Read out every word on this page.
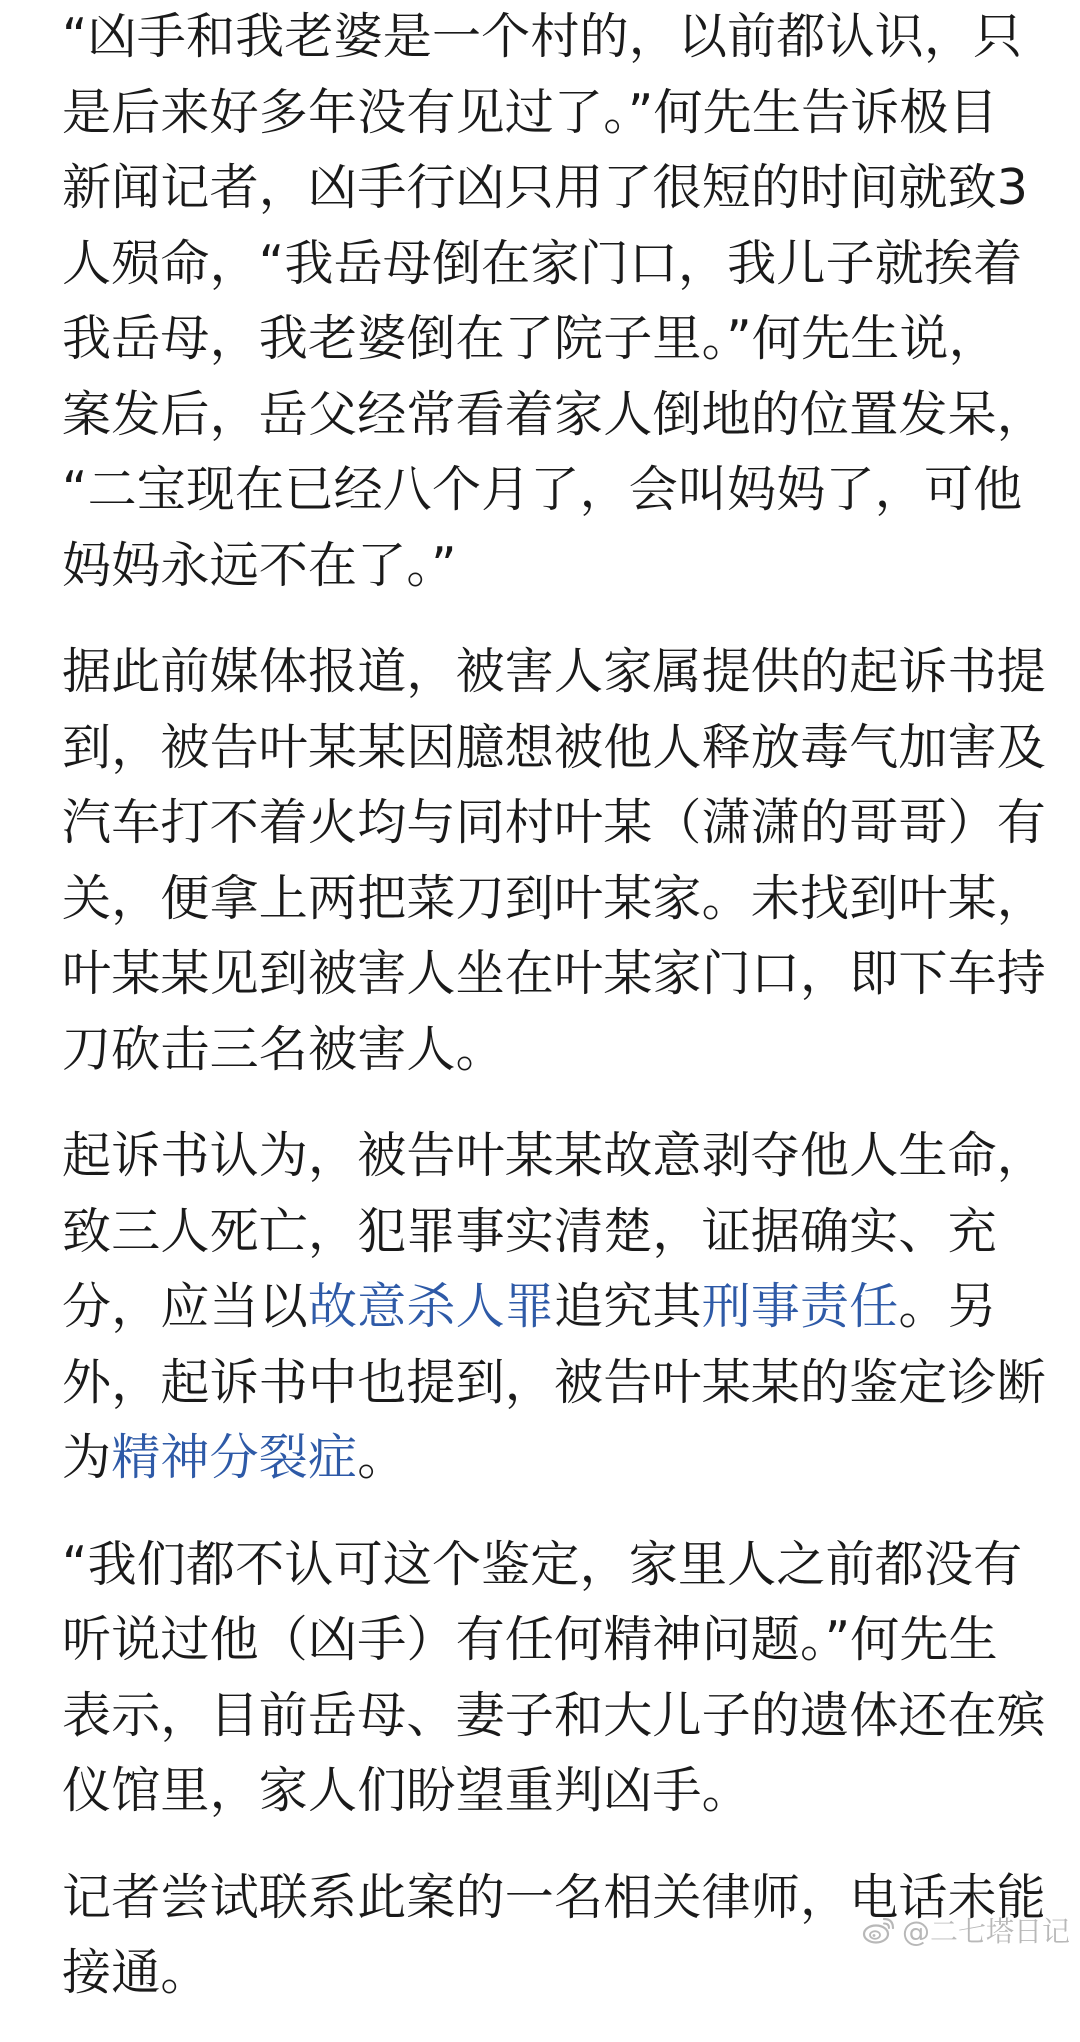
“凶手和我老婆是一个村的，以前都认识，只
是后来好多年没有见过了。”何先生告诉极目
新闻记者，凶手行凶只用了很短的时间就致3
人殒命，“我岳母倒在家门口，我儿子就挨着
我岳母，我老婆倒在了院子里。”何先生说，
案发后，岳父经常看着家人倒地的位置发呆，
“二宝现在已经八个月了，会叫妈妈了，可他
妈妈永远不在了。”
据此前媒体报道，被害人家属提供的起诉书提
到，被告叶某某因臆想被他人释放毒气加害及
汽车打不着火均与同村叶某（潇潇的哥哥）有
关，便拿上两把菜刀到叶某家。未找到叶某，
叶某某见到被害人坐在叶某家门口，即下车持
刀砍击三名被害人。
起诉书认为，被告叶某某故意剥夺他人生命，
致三人死亡，犯罪事实清楚，证据确实、充
分，应当以故意杀人罪追究其刑事责任。另
外，起诉书中也提到，被告叶某某的鉴定诊断
为精神分裂症。
“我们都不认可这个鉴定，家里人之前都没有
听说过他（凶手）有任何精神问题。”何先生
表示，目前岳母、妻子和大儿子的遗体还在殡
仪馆里，家人们盼望重判凶手。
记者尝试联系此案的一名相关律师，电话未能
接通。
@二七塔日记
